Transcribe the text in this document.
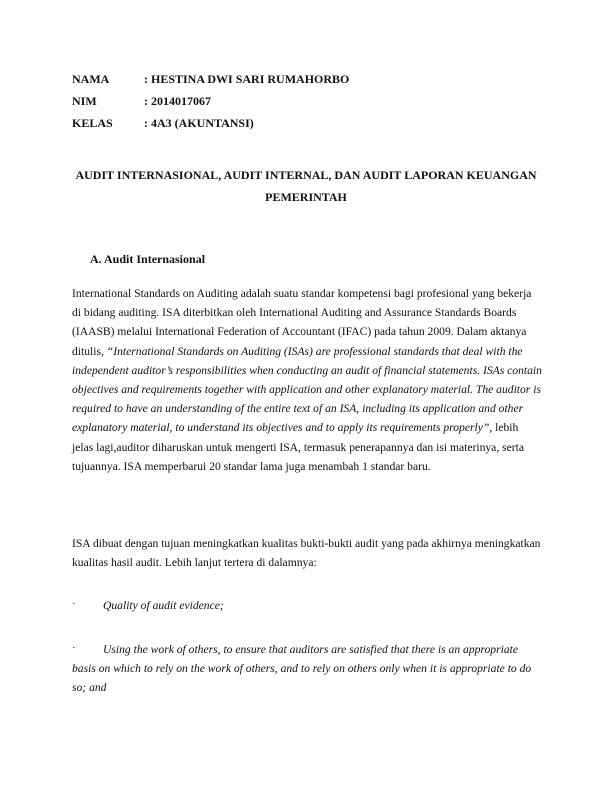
NAMA	: HESTINA DWI SARI RUMAHORBO
NIM	: 2014017067
KELAS	: 4A3 (AKUNTANSI)
AUDIT INTERNASIONAL, AUDIT INTERNAL, DAN AUDIT LAPORAN KEUANGAN PEMERINTAH
A. Audit Internasional

International Standards on Auditing adalah suatu standar kompetensi bagi profesional yang bekerja di bidang auditing. ISA diterbitkan oleh International Auditing and Assurance Standards Boards (IAASB) melalui International Federation of Accountant (IFAC) pada tahun 2009. Dalam aktanya ditulis, “International Standards on Auditing (ISAs) are professional standards that deal with the independent auditor’s responsibilities when conducting an audit of financial statements. ISAs contain objectives and requirements together with application and other explanatory material. The auditor is required to have an understanding of the entire text of an ISA, including its application and other explanatory material, to understand its objectives and to apply its requirements properly”, lebih jelas lagi,auditor diharuskan untuk mengerti ISA, termasuk penerapannya dan isi materinya, serta tujuannya. ISA memperbarui 20 standar lama juga menambah 1 standar baru.

ISA dibuat dengan tujuan meningkatkan kualitas bukti-bukti audit yang pada akhirnya meningkatkan kualitas hasil audit. Lebih lanjut tertera di dalamnya:

· Quality of audit evidence;

·	Using the work of others, to ensure that auditors are satisfied that there is an appropriate basis on which to rely on the work of others, and to rely on others only when it is appropriate to do so; and
